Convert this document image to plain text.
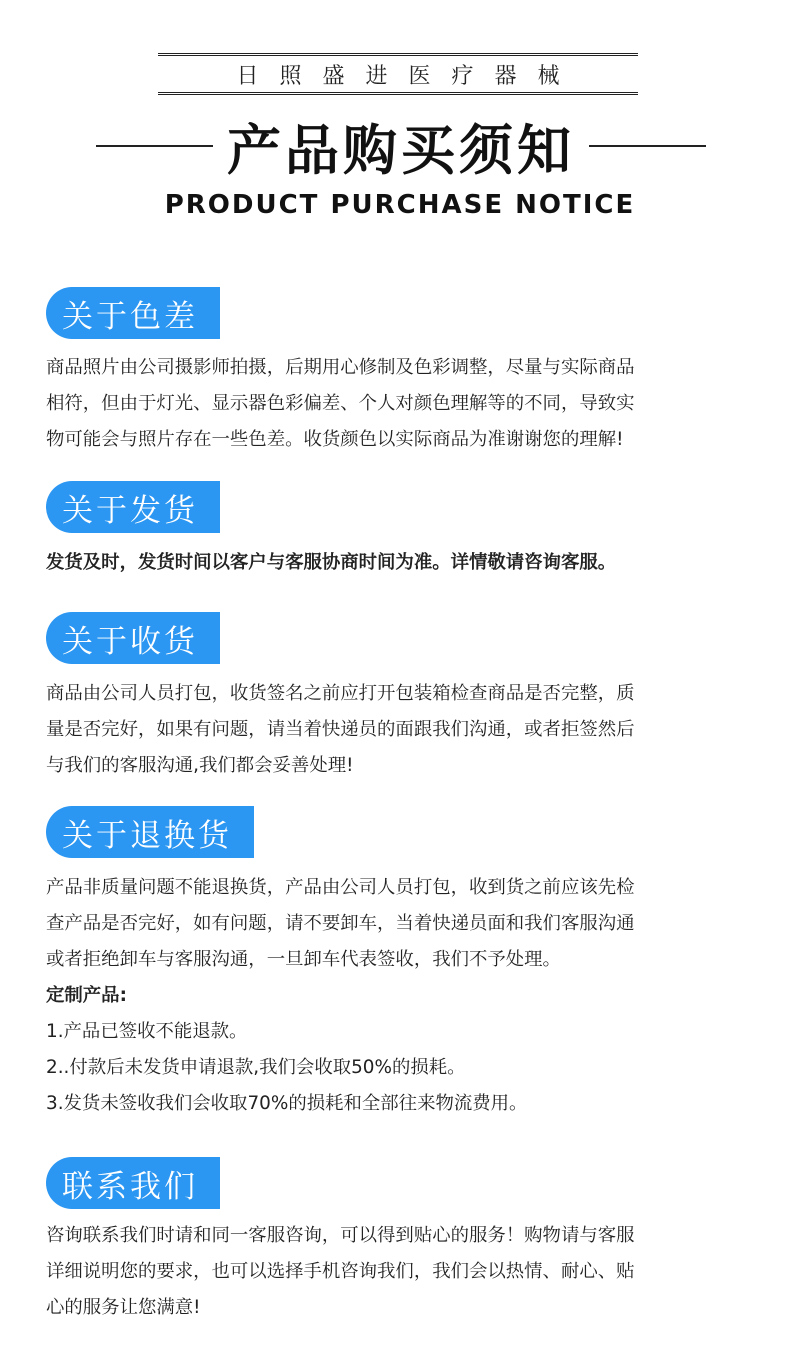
日照盛进医疗器械
产品购买须知
PRODUCT PURCHASE NOTICE
关于色差
商品照片由公司摄影师拍摄，后期用心修制及色彩调整，尽量与实际商品
相符，但由于灯光、显示器色彩偏差、个人对颜色理解等的不同，导致实
物可能会与照片存在一些色差。收货颜色以实际商品为准谢谢您的理解!
关于发货
发货及时，发货时间以客户与客服协商时间为准。详情敬请咨询客服。
关于收货
商品由公司人员打包，收货签名之前应打开包装箱检查商品是否完整，质
量是否完好，如果有问题，请当着快递员的面跟我们沟通，或者拒签然后
与我们的客服沟通,我们都会妥善处理!
关于退换货
产品非质量问题不能退换货，产品由公司人员打包，收到货之前应该先检
查产品是否完好，如有问题，请不要卸车，当着快递员面和我们客服沟通
或者拒绝卸车与客服沟通，一旦卸车代表签收，我们不予处理。
定制产品:
1.产品已签收不能退款。
2..付款后未发货申请退款,我们会收取50%的损耗。
3.发货未签收我们会收取70%的损耗和全部往来物流费用。
联系我们
咨询联系我们时请和同一客服咨询，可以得到贴心的服务！购物请与客服
详细说明您的要求，也可以选择手机咨询我们，我们会以热情、耐心、贴
心的服务让您满意!
